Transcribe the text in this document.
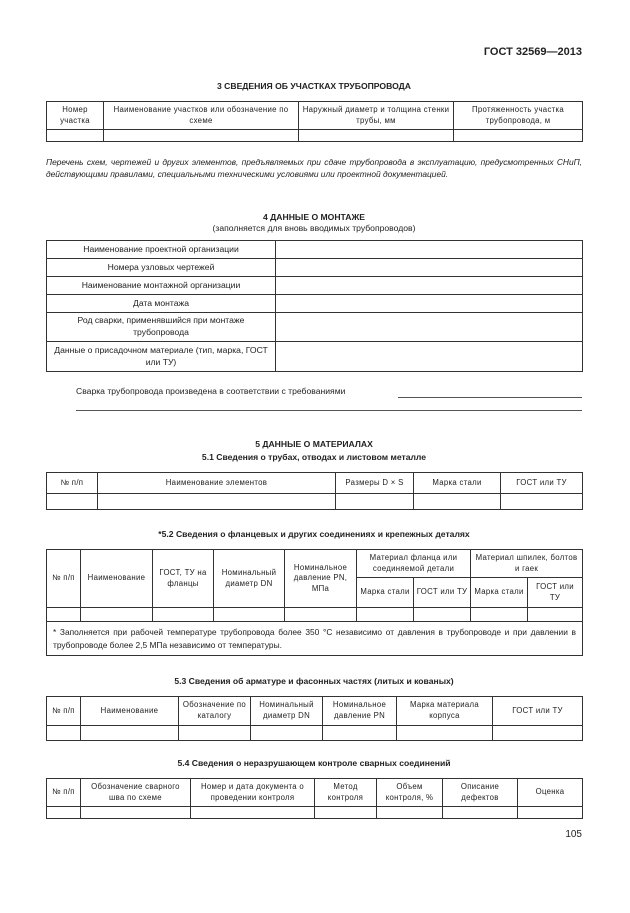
ГОСТ 32569—2013
3 СВЕДЕНИЯ ОБ УЧАСТКАХ ТРУБОПРОВОДА
Номер участка	Наименование участков или обозначение по схеме	Наружный диаметр и толщина стенки трубы, мм	Протяженность участка трубопровода, м

Перечень схем, чертежей и других элементов, предъявляемых при сдаче трубопровода в эксплуатацию, предусмотренных СНиП, действующими правилами, специальными техническими условиями или проектной документацией.
4 ДАННЫЕ О МОНТАЖЕ
(заполняется для вновь вводимых трубопроводов)
Наименование проектной организации	
Номера узловых чертежей	
Наименование монтажной организации	
Дата монтажа	
Род сварки, применявшийся при монтаже трубопровода	
Данные о присадочном материале (тип, марка, ГОСТ или ТУ)	
Сварка трубопровода произведена в соответствии с требованиями
5 ДАННЫЕ О МАТЕРИАЛАХ
5.1 Сведения о трубах, отводах и листовом металле
№ п/п	Наименование элементов	Размеры D × S	Марка стали	ГОСТ или ТУ

*5.2 Сведения о фланцевых и других соединениях и крепежных деталях
№ п/п	Наименование	ГОСТ, ТУ на фланцы	Номинальный диаметр DN	Номинальное давление PN, МПа	Материал фланца или соединяемой детали		Материал шпилек, болтов и гаек	
					Марка стали	ГОСТ или ТУ	Марка стали	ГОСТ или ТУ

* Заполняется при рабочей температуре трубопровода более 350 °С независимо от давления в трубопроводе и при давлении в трубопроводе более 2,5 МПа независимо от температуры.								
5.3 Сведения об арматуре и фасонных частях (литых и кованых)
№ п/п	Наименование	Обозначение по каталогу	Номинальный диаметр DN	Номинальное давление PN	Марка материала корпуса	ГОСТ или ТУ

5.4 Сведения о неразрушающем контроле сварных соединений
№ п/п	Обозначение сварного шва по схеме	Номер и дата документа о проведении контроля	Метод контроля	Объем контроля, %	Описание дефектов	Оценка

105
